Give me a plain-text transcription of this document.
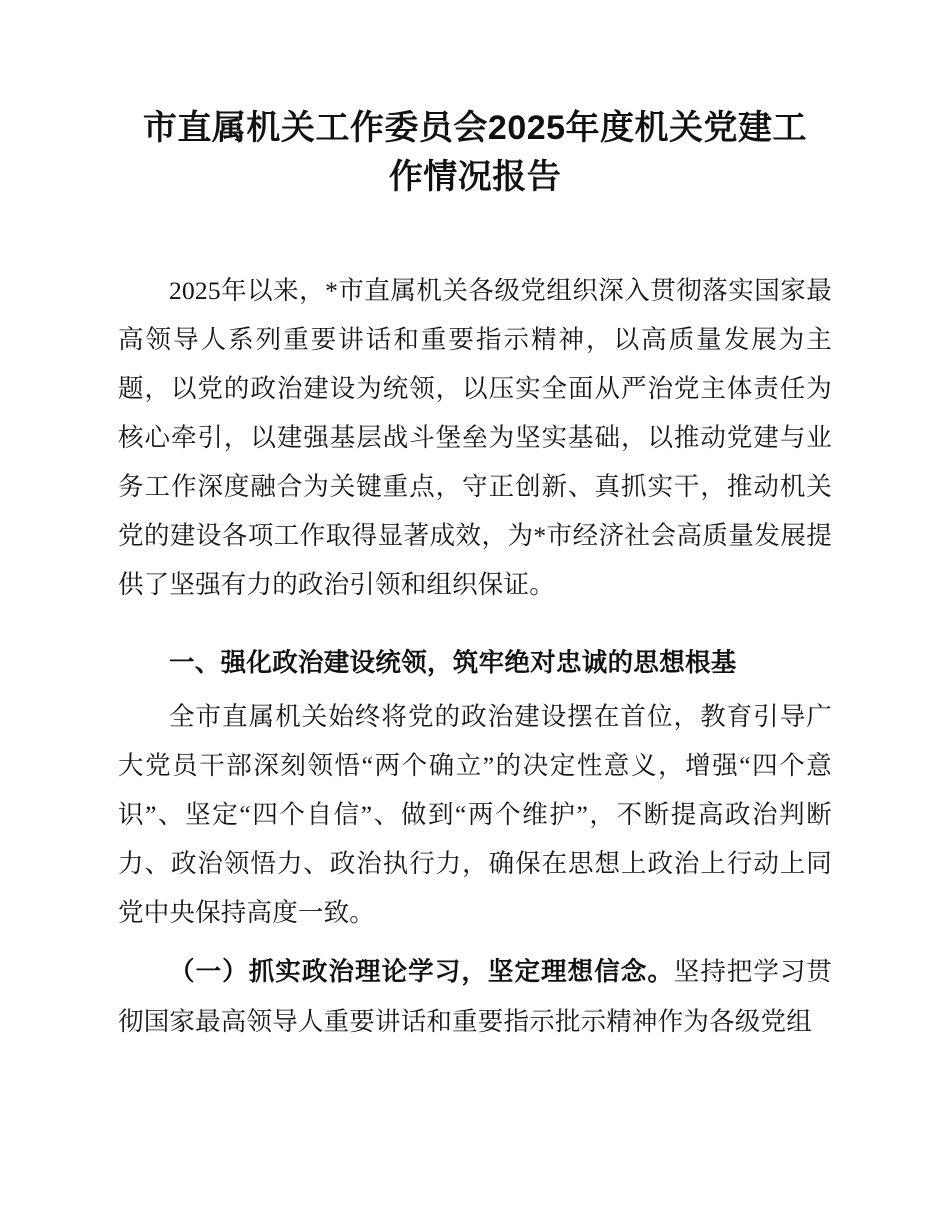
市直属机关工作委员会2025年度机关党建工
作情况报告

2025年以来，*市直属机关各级党组织深入贯彻落实国家最高领导人系列重要讲话和重要指示精神，以高质量发展为主题，以党的政治建设为统领，以压实全面从严治党主体责任为核心牵引，以建强基层战斗堡垒为坚实基础，以推动党建与业务工作深度融合为关键重点，守正创新、真抓实干，推动机关党的建设各项工作取得显著成效，为*市经济社会高质量发展提供了坚强有力的政治引领和组织保证。

一、强化政治建设统领，筑牢绝对忠诚的思想根基

全市直属机关始终将党的政治建设摆在首位，教育引导广大党员干部深刻领悟“两个确立”的决定性意义，增强“四个意识”、坚定“四个自信”、做到“两个维护”，不断提高政治判断力、政治领悟力、政治执行力，确保在思想上政治上行动上同党中央保持高度一致。

（一）抓实政治理论学习，坚定理想信念。坚持把学习贯彻国家最高领导人重要讲话和重要指示批示精神作为各级党组
